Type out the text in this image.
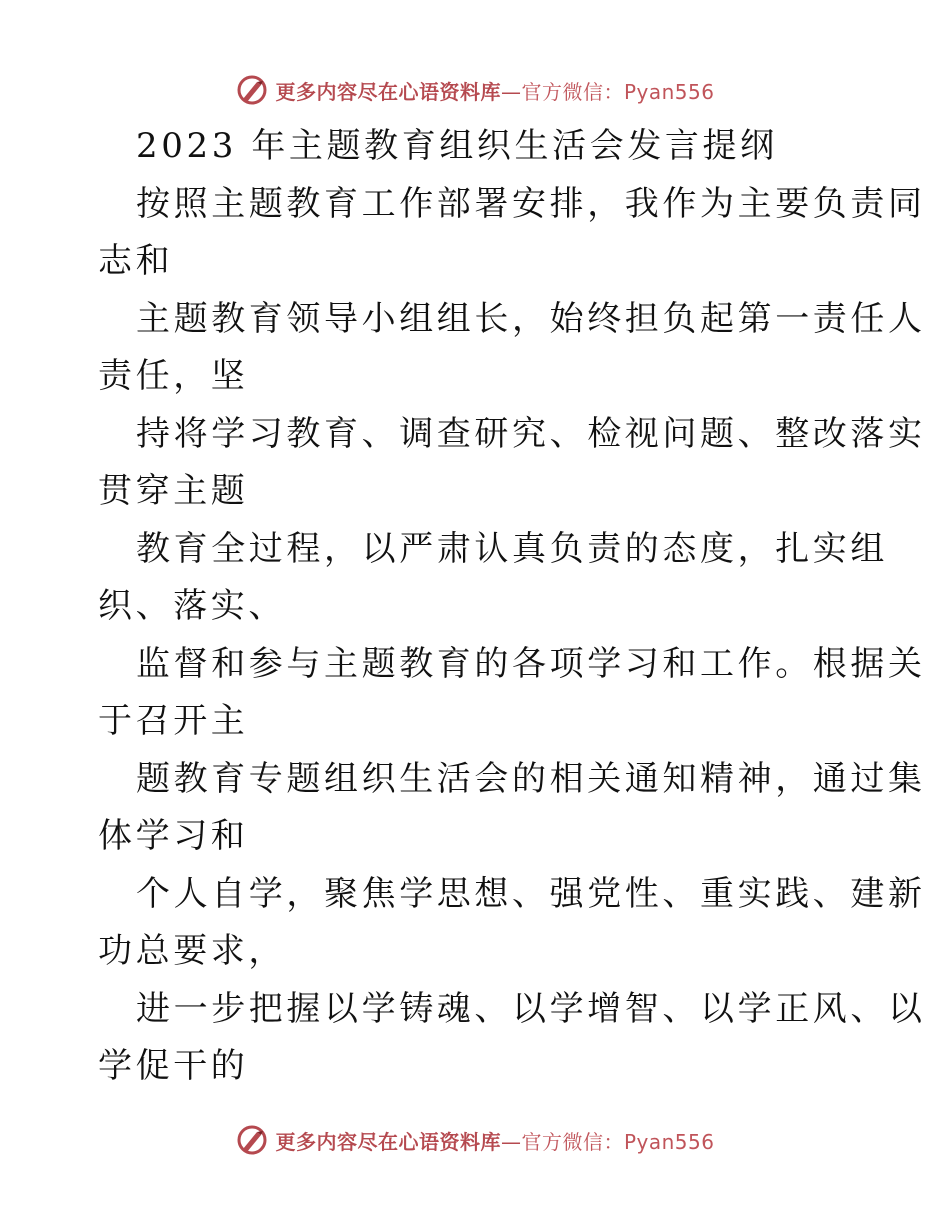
更多内容尽在心语资料库—官方微信：Pyan556
2023 年主题教育组织生活会发言提纲
按照主题教育工作部署安排，我作为主要负责同
志和
主题教育领导小组组长，始终担负起第一责任人
责任，坚
持将学习教育、调查研究、检视问题、整改落实
贯穿主题
教育全过程，以严肃认真负责的态度，扎实组
织、落实、
监督和参与主题教育的各项学习和工作。根据关
于召开主
题教育专题组织生活会的相关通知精神，通过集
体学习和
个人自学，聚焦学思想、强党性、重实践、建新
功总要求，
进一步把握以学铸魂、以学增智、以学正风、以
学促干的
更多内容尽在心语资料库—官方微信：Pyan556
